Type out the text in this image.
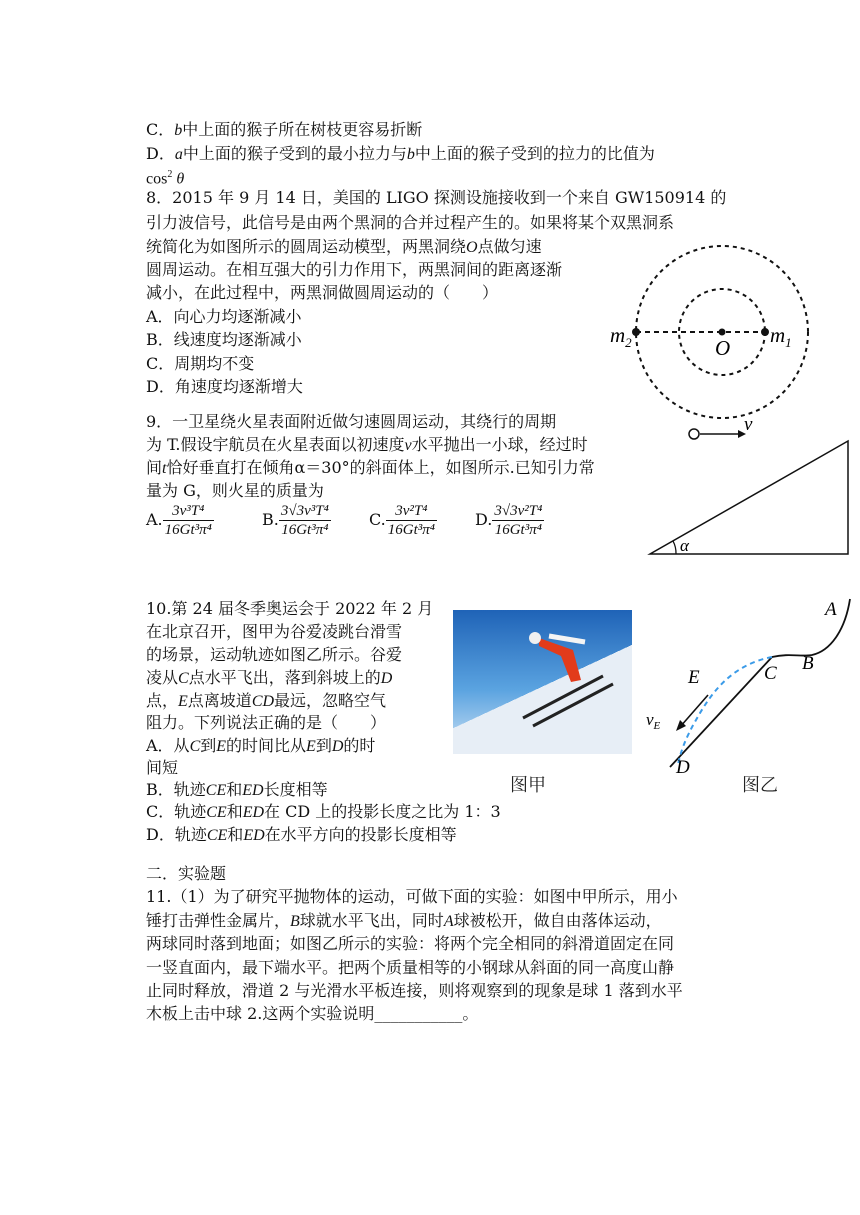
C．b中上面的猴子所在树枝更容易折断
D．a中上面的猴子受到的最小拉力与b中上面的猴子受到的拉力的比值为
$\cos^2 \theta$
8．2015 年 9 月 14 日，美国的 LIGO 探测设施接收到一个来自 GW150914 的
引力波信号，此信号是由两个黑洞的合并过程产生的。如果将某个双黑洞系
统简化为如图所示的圆周运动模型，两黑洞绕O点做匀速
圆周运动。在相互强大的引力作用下，两黑洞间的距离逐渐
减小，在此过程中，两黑洞做圆周运动的（　　）
A．向心力均逐渐减小
B．线速度均逐渐减小
C．周期均不变
D．角速度均逐渐增大
$m_2$	O
$m_1$
9．一卫星绕火星表面附近做匀速圆周运动，其绕行的周期
为 T.假设宇航员在火星表面以初速度v水平抛出一小球，经过时
间t恰好垂直打在倾角α＝30°的斜面体上，如图所示.已知引力常
量为 G，则火星的质量为
A. $\frac{\text{3v³T⁴}}{\text{16Gt³π⁴}}$	B. $\frac{\text{3√3v³T⁴}}{\text{16Gt³π⁴}} C$. $\frac{\text{3v²T⁴}}{\text{16Gt³π⁴}} D$. $\frac{\text{3√3v²T⁴}}{\text{16Gt³π⁴}}$
v
α
10.第 24 届冬季奥运会于 2022 年 2 月
在北京召开，图甲为谷爱凌跳台滑雪
的场景，运动轨迹如图乙所示。谷爱
凌从C点水平飞出，落到斜坡上的D
点，E点离坡道CD最远，忽略空气
阻力。下列说法正确的是（　　）
A．从C到E的时间比从E到D的时
间短
B．轨迹CE和ED长度相等
C．轨迹CE和ED在 CD 上的投影长度之比为 1：3
D．轨迹CE和ED在水平方向的投影长度相等
图甲
A
B
C
E
$v_E$
D
图乙
二．实验题
11.（1）为了研究平抛物体的运动，可做下面的实验：如图中甲所示，用小
锤打击弹性金属片，B球就水平飞出，同时A球被松开，做自由落体运动，
两球同时落到地面；如图乙所示的实验：将两个完全相同的斜滑道固定在同
一竖直面内，最下端水平。把两个质量相等的小钢球从斜面的同一高度山静
止同时释放，滑道 2 与光滑水平板连接，则将观察到的现象是球 1 落到水平
木板上击中球 2.这两个实验说明___________。
